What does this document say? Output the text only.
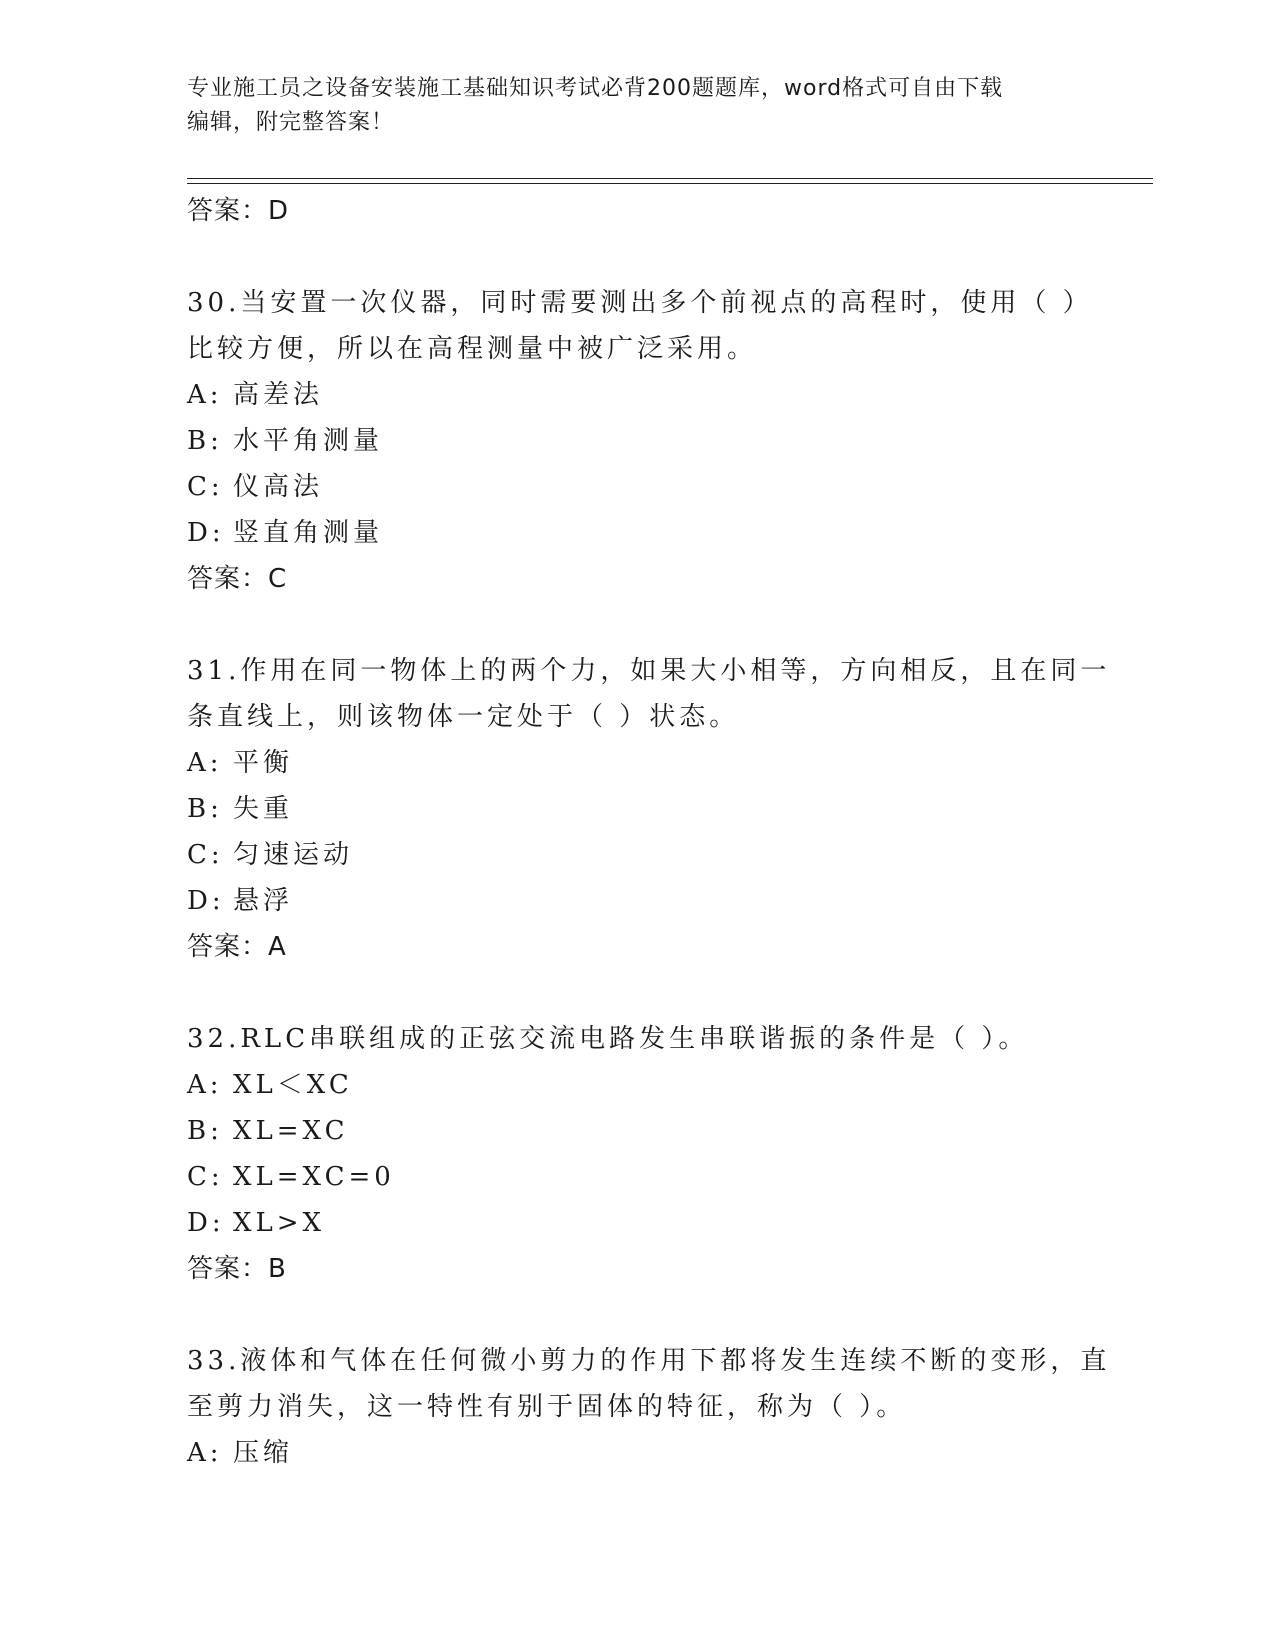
专业施工员之设备安装施工基础知识考试必背200题题库，word格式可自由下载
编辑，附完整答案！
答案：D
30.当安置一次仪器，同时需要测出多个前视点的高程时，使用（ ）
比较方便，所以在高程测量中被广泛采用。
A: 高差法
B: 水平角测量
C: 仪高法
D: 竖直角测量
答案：C
31.作用在同一物体上的两个力，如果大小相等，方向相反，且在同一
条直线上，则该物体一定处于（ ）状态。
A: 平衡
B: 失重
C: 匀速运动
D: 悬浮
答案：A
32.RLC串联组成的正弦交流电路发生串联谐振的条件是（ ）。
A: XL＜XC
B: XL=XC
C: XL=XC=0
D: XL>X
答案：B
33.液体和气体在任何微小剪力的作用下都将发生连续不断的变形，直
至剪力消失，这一特性有别于固体的特征，称为（ ）。
A: 压缩
